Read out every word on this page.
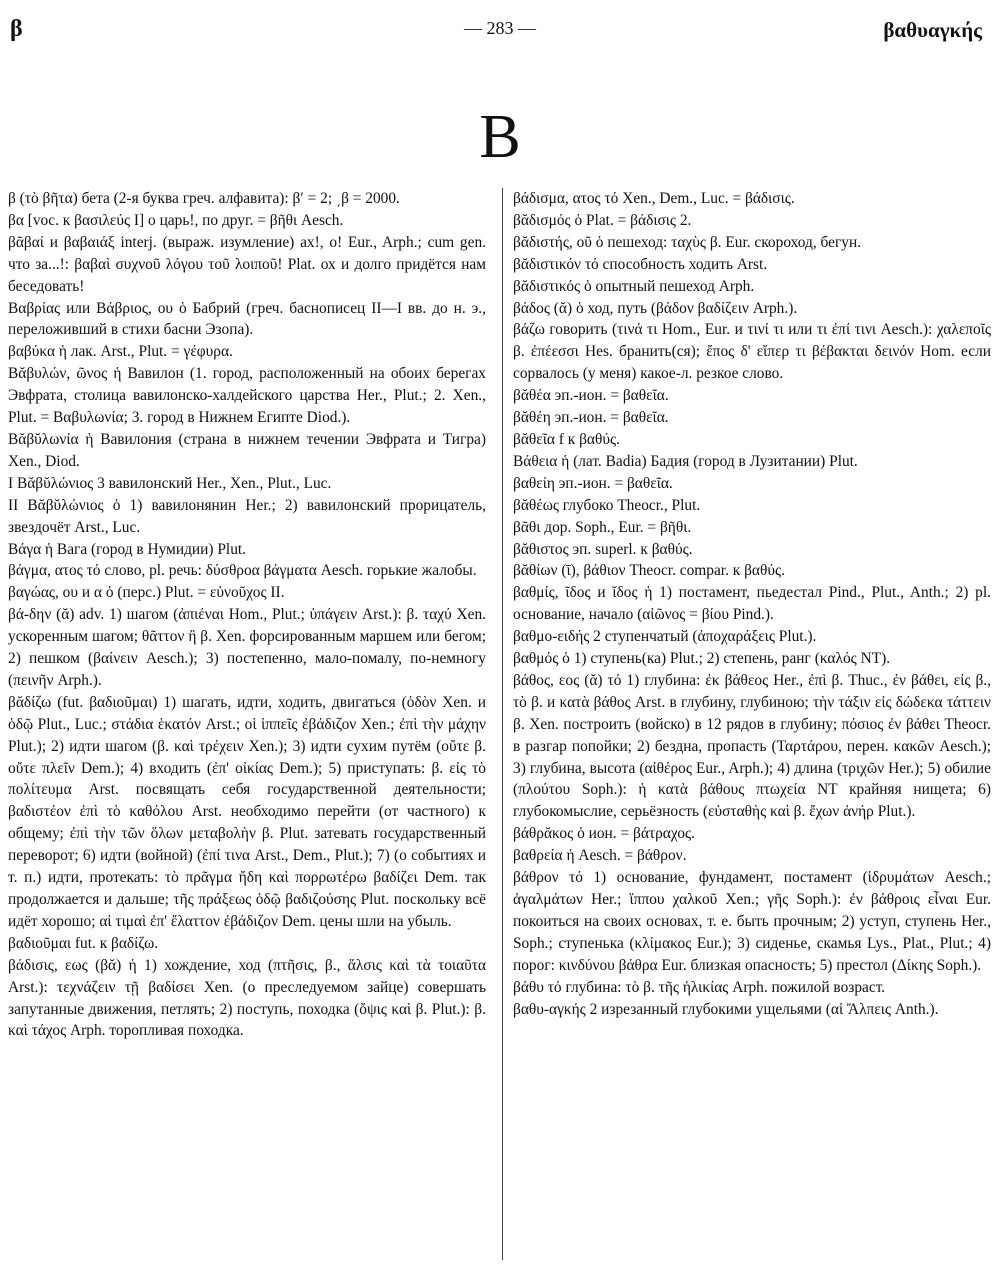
β	— 283 —	βαθυαγκής
B

β (τὸ βῆτα) бета (2-я буква греч. алфавита): β′ = 2; ͵β = 2000.

βα [voc. к βασιλεύς I] о царь!, по друг. = βῆθι Aesch.

βᾶβαί и βαβαιάξ interj. (выраж. изумление) ах!, о! Eur., Arph.; cum gen. что за...!: βαβαὶ συχνοῦ λόγου τοῦ λοιποῦ! Plat. ох и долго придётся нам беседовать!

Βαβρίας или Βάβριος, ου ὁ Бабрий (греч. баснописец II—I вв. до н. э., переложивший в стихи басни Эзопа).

βαβύκα ἡ лак. Arst., Plut. = γέφυρα.

Βᾰβυλών, ῶνος ἡ Вавилон (1. город, расположенный на обоих берегах Эвфрата, столица вавилонско-халдейского царства Her., Plut.; 2. Xen., Plut. = Βαβυλωνία; 3. город в Нижнем Египте Diod.).

Βᾰβῠλωνία ἡ Вавилония (страна в нижнем течении Эвфрата и Тигра) Xen., Diod.

I Βᾰβῠλώνιος 3 вавилонский Her., Xen., Plut., Luc.

II Βᾰβῠλώνιος ὁ 1) вавилонянин Her.; 2) вавилонский прорицатель, звездочёт Arst., Luc.

Βάγα ἡ Вага (город в Нумидии) Plut.

βάγμα, ατος τό слово, pl. речь: δύσθροα βάγματα Aesch. горькие жалобы.

βαγώας, ου и α ὁ (перс.) Plut. = εὐνοῦχος II.

βά-δην (ᾰ) adv. 1) шагом (ἀπιέναι Hom., Plut.; ὑπάγειν Arst.): β. ταχύ Xen. ускоренным шагом; θᾶττον ἢ β. Xen. форсированным маршем или бегом; 2) пешком (βαίνειν Aesch.); 3) постепенно, мало-помалу, по-немногу (πεινῆν Arph.).

βᾰδίζω (fut. βαδιοῦμαι) 1) шагать, идти, ходить, двигаться (ὁδὸν Xen. и ὁδῷ Plut., Luc.; στάδια ἑκατόν Arst.; οἱ ἱππεῖς ἐβάδιζον Xen.; ἐπὶ τὴν μάχην Plut.); 2) идти шагом (β. καὶ τρέχειν Xen.); 3) идти сухим путём (οὔτε β. οὔτε πλεῖν Dem.); 4) входить (ἐπ' οἰκίας Dem.); 5) приступать: β. εἰς τὸ πολίτευμα Arst. посвящать себя государственной деятельности; βαδιστέον ἐπὶ τὸ καθόλου Arst. необходимо перейти (от частного) к общему; ἐπὶ τὴν τῶν ὅλων μεταβολὴν β. Plut. затевать государственный переворот; 6) идти (войной) (ἐπί τινα Arst., Dem., Plut.); 7) (о событиях и т. п.) идти, протекать: τὸ πρᾶγμα ἤδη καὶ πορρωτέρω βαδίζει Dem. так продолжается и дальше; τῆς πράξεως ὁδῷ βαδιζούσης Plut. поскольку всё идёт хорошо; αἱ τιμαὶ ἐπ' ἔλαττον ἐβάδιζον Dem. цены шли на убыль.

βαδιοῦμαι fut. к βαδίζω.

βάδισις, εως (βᾰ) ἡ 1) хождение, ход (πτῆσις, β., ἅλσις καὶ τὰ τοιαῦτα Arst.): τεχνάζειν τῇ βαδίσει Xen. (о преследуемом зайце) совершать запутанные движения, петлять; 2) поступь, походка (ὄψις καὶ β. Plut.): β. καὶ τάχος Arph. торопливая походка.

βάδισμα, ατος τό Xen., Dem., Luc. = βάδισις.

βᾰδισμός ὁ Plat. = βάδισις 2.

βᾰδιστής, οῦ ὁ пешеход: ταχὺς β. Eur. скороход, бегун.

βᾰδιστικόν τό способность ходить Arst.

βᾰδιστικός ὁ опытный пешеход Arph.

βάδος (ᾰ) ὁ ход, путь (βάδον βαδίζειν Arph.).

βάζω говорить (τινά τι Hom., Eur. и τινί τι или τι ἐπί τινι Aesch.): χαλεποῖς β. ἐπέεσσι Hes. бранить(ся); ἔπος δ' εἴπερ τι βέβακται δεινόν Hom. если сорвалось (у меня) какое-л. резкое слово.

βᾰθέα эп.-ион. = βαθεῖα.

βᾰθέη эп.-ион. = βαθεῖα.

βᾰθεῖα f к βαθύς.

Βάθεια ἡ (лат. Badia) Бадия (город в Лузитании) Plut.

βαθείη эп.-ион. = βαθεῖα.

βᾰθέως глубоко Theocr., Plut.

βᾶθι дор. Soph., Eur. = βῆθι.

βᾰθιστος эп. superl. к βαθύς.

βᾰθίων (ῑ), βάθιον Theocr. compar. к βαθύς.

βαθμίς, ῖδος и ῐδος ἡ 1) постамент, пьедестал Pind., Plut., Anth.; 2) pl. основание, начало (αἰῶνος = βίου Pind.).

βαθμο-ειδής 2 ступенчатый (ἀποχαράξεις Plut.).

βαθμός ὁ 1) ступень(ка) Plut.; 2) степень, ранг (καλός NT).

βάθος, εος (ᾰ) τό 1) глубина: ἐκ βάθεος Her., ἐπὶ β. Thuc., ἐν βάθει, εἰς β., τὸ β. и κατὰ βάθος Arst. в глубину, глубиною; τὴν τάξιν εἰς δώδεκα τάττειν β. Xen. построить (войско) в 12 рядов в глубину; πόσιος ἐν βάθει Theocr. в разгар попойки; 2) бездна, пропасть (Ταρτάρου, перен. κακῶν Aesch.); 3) глубина, высота (αἰθέρος Eur., Arph.); 4) длина (τριχῶν Her.); 5) обилие (πλούτου Soph.): ἡ κατὰ βάθους πτωχεία NT крайняя нищета; 6) глубокомыслие, серьёзность (εὐσταθὴς καὶ β. ἔχων ἀνήρ Plut.).

βάθρᾰκος ὁ ион. = βάτραχος.

βαθρεία ἡ Aesch. = βάθρον.

βάθρον τό 1) основание, фундамент, постамент (ἱδρυμάτων Aesch.; ἀγαλμάτων Her.; ἵππου χαλκοῦ Xen.; γῆς Soph.): ἐν βάθροις εἶναι Eur. покоиться на своих основах, т. е. быть прочным; 2) уступ, ступень Her., Soph.; ступенька (κλίμακος Eur.); 3) сиденье, скамья Lys., Plat., Plut.; 4) порог: κινδύνου βάθρα Eur. близкая опасность; 5) престол (Δίκης Soph.).

βάθυ τό глубина: τὸ β. τῆς ἡλικίας Arph. пожилой возраст.

βαθυ-αγκής 2 изрезанный глубокими ущельями (αἱ Ἄλπεις Anth.).
